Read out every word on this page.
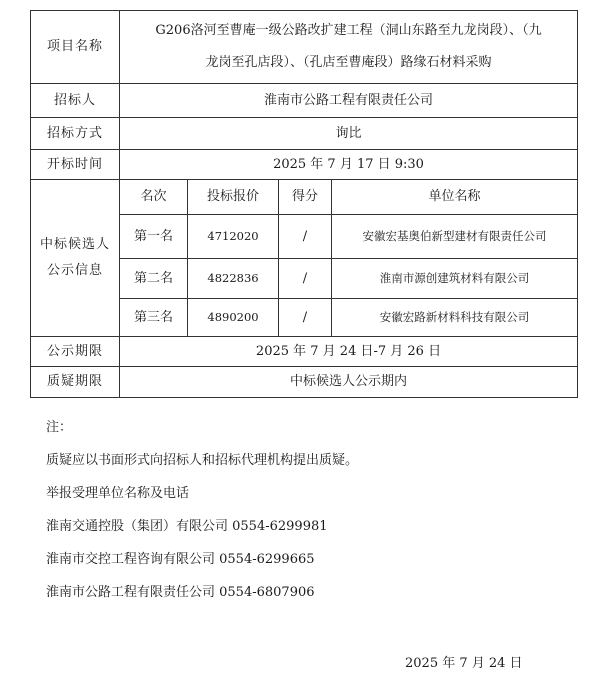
项目名称	G206洛河至曹庵一级公路改扩建工程（洞山东路至九龙岗段）、（九
龙岗至孔店段）、（孔店至曹庵段）路缘石材料采购			

招标人	淮南市公路工程有限责任公司			
招标方式	询比			
开标时间	2025 年 7 月 17 日 9:30			

中标候选人
公示信息	名次	投标报价	得分	单位名称
	第一名	4712020	/	安徽宏基奥伯新型建材有限责任公司
	第二名	4822836	/	淮南市源创建筑材料有限公司
	第三名	4890200	/	安徽宏路新材料科技有限公司
公示期限	2025 年 7 月 24 日-7 月 26 日			
质疑期限	中标候选人公示期内			
注：
质疑应以书面形式向招标人和招标代理机构提出质疑。
举报受理单位名称及电话
淮南交通控股（集团）有限公司 0554-6299981
淮南市交控工程咨询有限公司 0554-6299665
淮南市公路工程有限责任公司 0554-6807906
2025 年 7 月 24 日
